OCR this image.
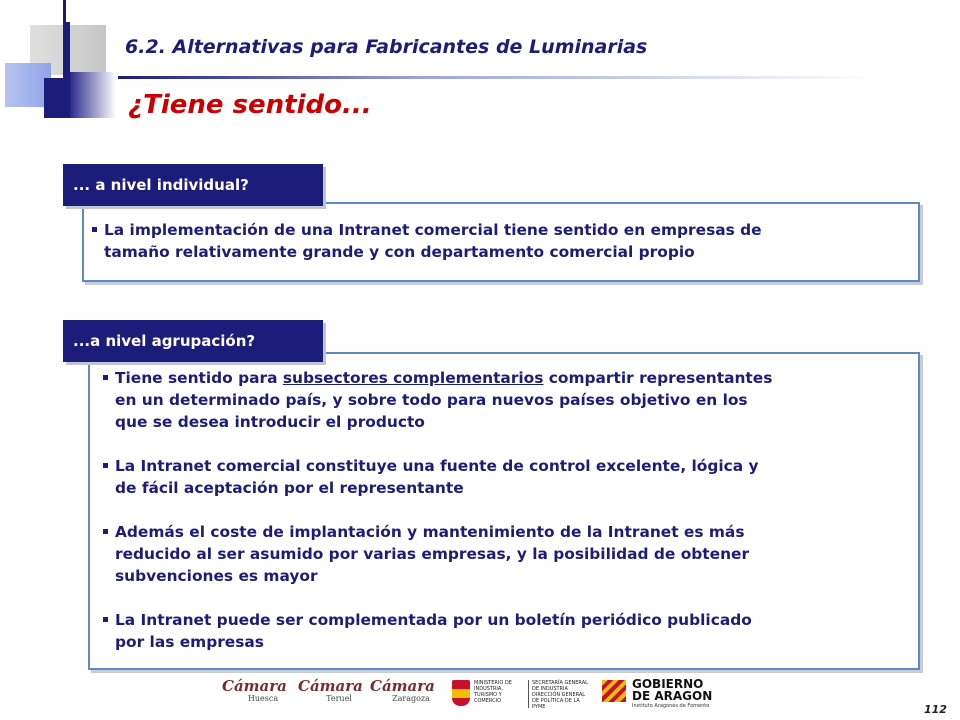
6.2. Alternativas para Fabricantes de Luminarias
¿Tiene sentido...
La implementación de una Intranet comercial tiene sentido en empresas de
tamaño relativamente grande y con departamento comercial propio
... a nivel individual?
Tiene sentido para subsectores complementarios compartir representantes
en un determinado país, y sobre todo para nuevos países objetivo en los
que se desea introducir el producto
La Intranet comercial constituye una fuente de control excelente, lógica y
de fácil aceptación por el representante
Además el coste de implantación y mantenimiento de la Intranet es más
reducido al ser asumido por varias empresas, y la posibilidad de obtener
subvenciones es mayor
La Intranet puede ser complementada por un boletín periódico publicado
por las empresas
...a nivel agrupación?
Cámara
Huesca
Cámara
Teruel
Cámara
Zaragoza
MINISTERIO DE INDUSTRIA, TURISMO Y COMERCIO
SECRETARÍA GENERAL DE INDUSTRIA DIRECCIÓN GENERAL DE POLÍTICA DE LA PYME
GOBIERNO
DE ARAGON
Instituto Aragonés de Fomento	112
